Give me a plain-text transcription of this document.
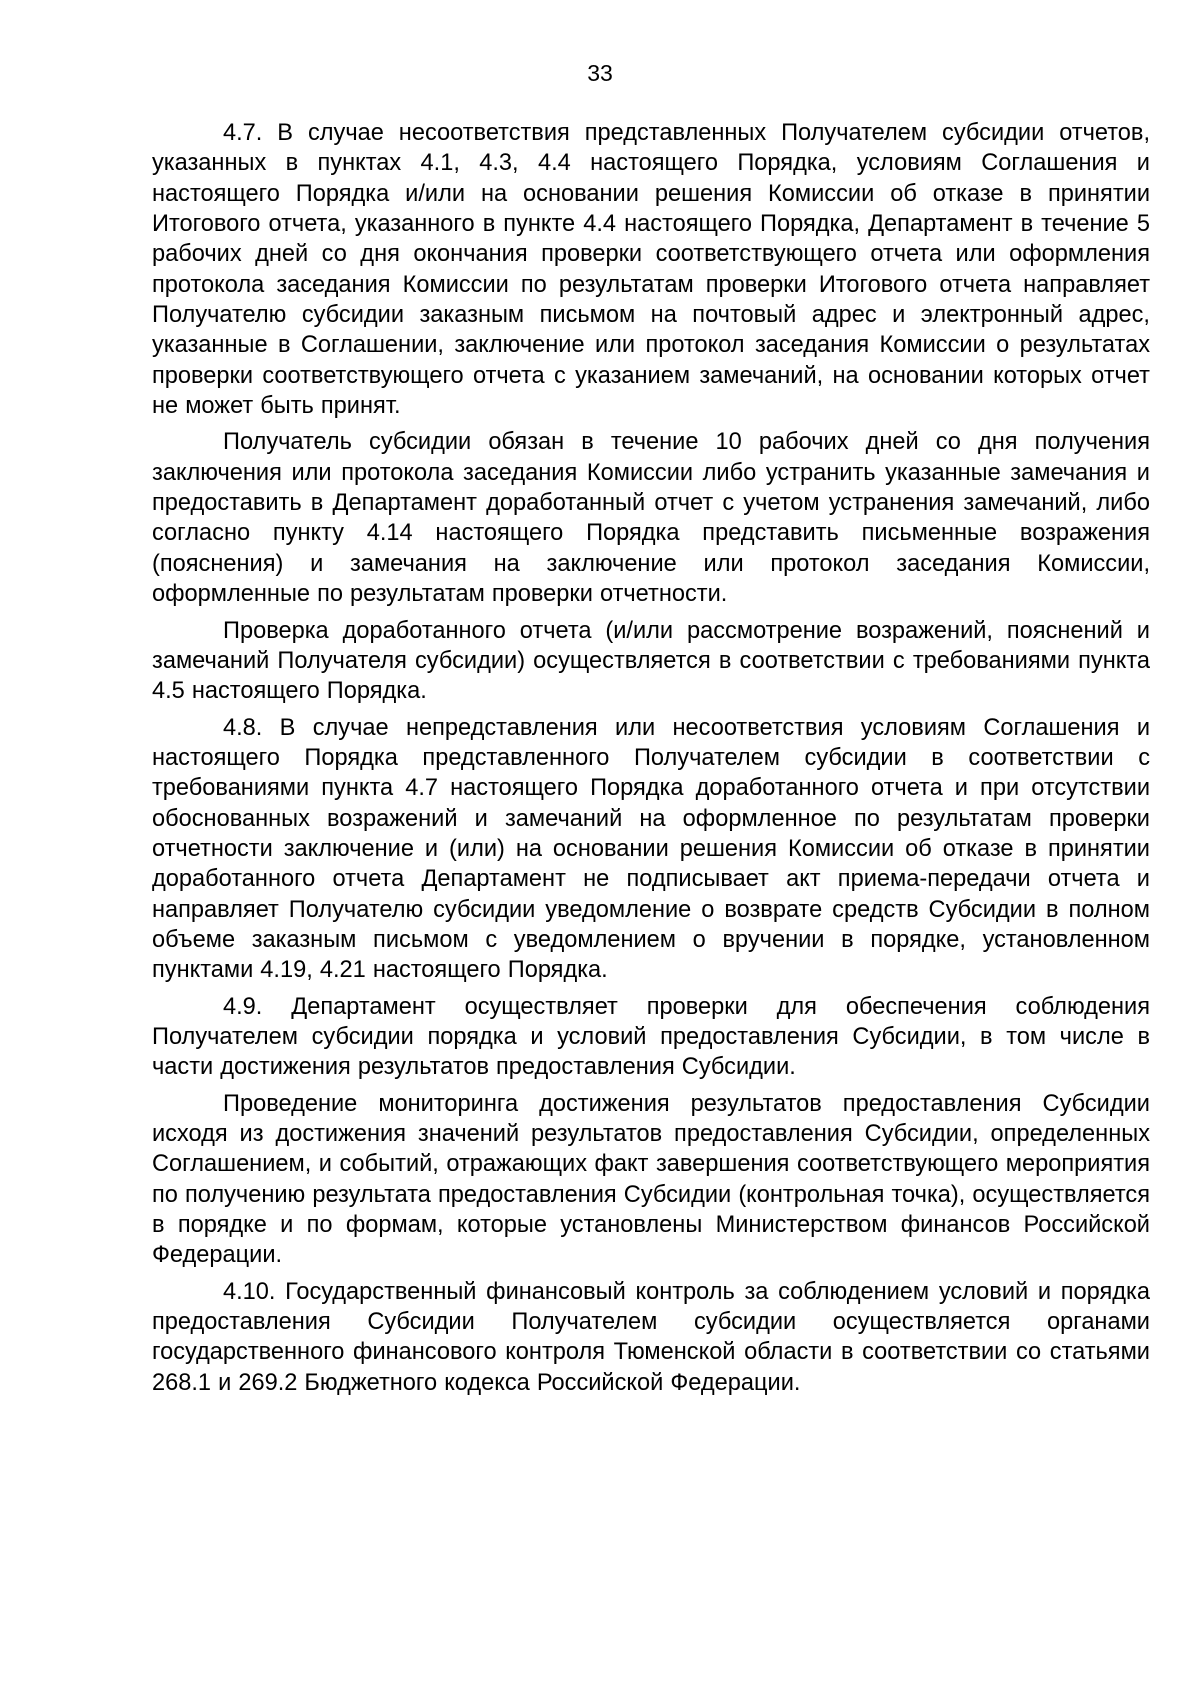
33

4.7. В случае несоответствия представленных Получателем субсидии отчетов, указанных в пунктах 4.1, 4.3, 4.4 настоящего Порядка, условиям Соглашения и настоящего Порядка и/или на основании решения Комиссии об отказе в принятии Итогового отчета, указанного в пункте 4.4 настоящего Порядка, Департамент в течение 5 рабочих дней со дня окончания проверки соответствующего отчета или оформления протокола заседания Комиссии по результатам проверки Итогового отчета направляет Получателю субсидии заказным письмом на почтовый адрес и электронный адрес, указанные в Соглашении, заключение или протокол заседания Комиссии о результатах проверки соответствующего отчета с указанием замечаний, на основании которых отчет не может быть принят.

Получатель субсидии обязан в течение 10 рабочих дней со дня получения заключения или протокола заседания Комиссии либо устранить указанные замечания и предоставить в Департамент доработанный отчет с учетом устранения замечаний, либо согласно пункту 4.14 настоящего Порядка представить письменные возражения (пояснения) и замечания на заключение или протокол заседания Комиссии, оформленные по результатам проверки отчетности.

Проверка доработанного отчета (и/или рассмотрение возражений, пояснений и замечаний Получателя субсидии) осуществляется в соответствии с требованиями пункта 4.5 настоящего Порядка.

4.8. В случае непредставления или несоответствия условиям Соглашения и настоящего Порядка представленного Получателем субсидии в соответствии с требованиями пункта 4.7 настоящего Порядка доработанного отчета и при отсутствии обоснованных возражений и замечаний на оформленное по результатам проверки отчетности заключение и (или) на основании решения Комиссии об отказе в принятии доработанного отчета Департамент не подписывает акт приема-передачи отчета и направляет Получателю субсидии уведомление о возврате средств Субсидии в полном объеме заказным письмом с уведомлением о вручении в порядке, установленном пунктами 4.19, 4.21 настоящего Порядка.

4.9. Департамент осуществляет проверки для обеспечения соблюдения Получателем субсидии порядка и условий предоставления Субсидии, в том числе в части достижения результатов предоставления Субсидии.

Проведение мониторинга достижения результатов предоставления Субсидии исходя из достижения значений результатов предоставления Субсидии, определенных Соглашением, и событий, отражающих факт завершения соответствующего мероприятия по получению результата предоставления Субсидии (контрольная точка), осуществляется в порядке и по формам, которые установлены Министерством финансов Российской Федерации.

4.10. Государственный финансовый контроль за соблюдением условий и порядка предоставления Субсидии Получателем субсидии осуществляется органами государственного финансового контроля Тюменской области в соответствии со статьями 268.1 и 269.2 Бюджетного кодекса Российской Федерации.
